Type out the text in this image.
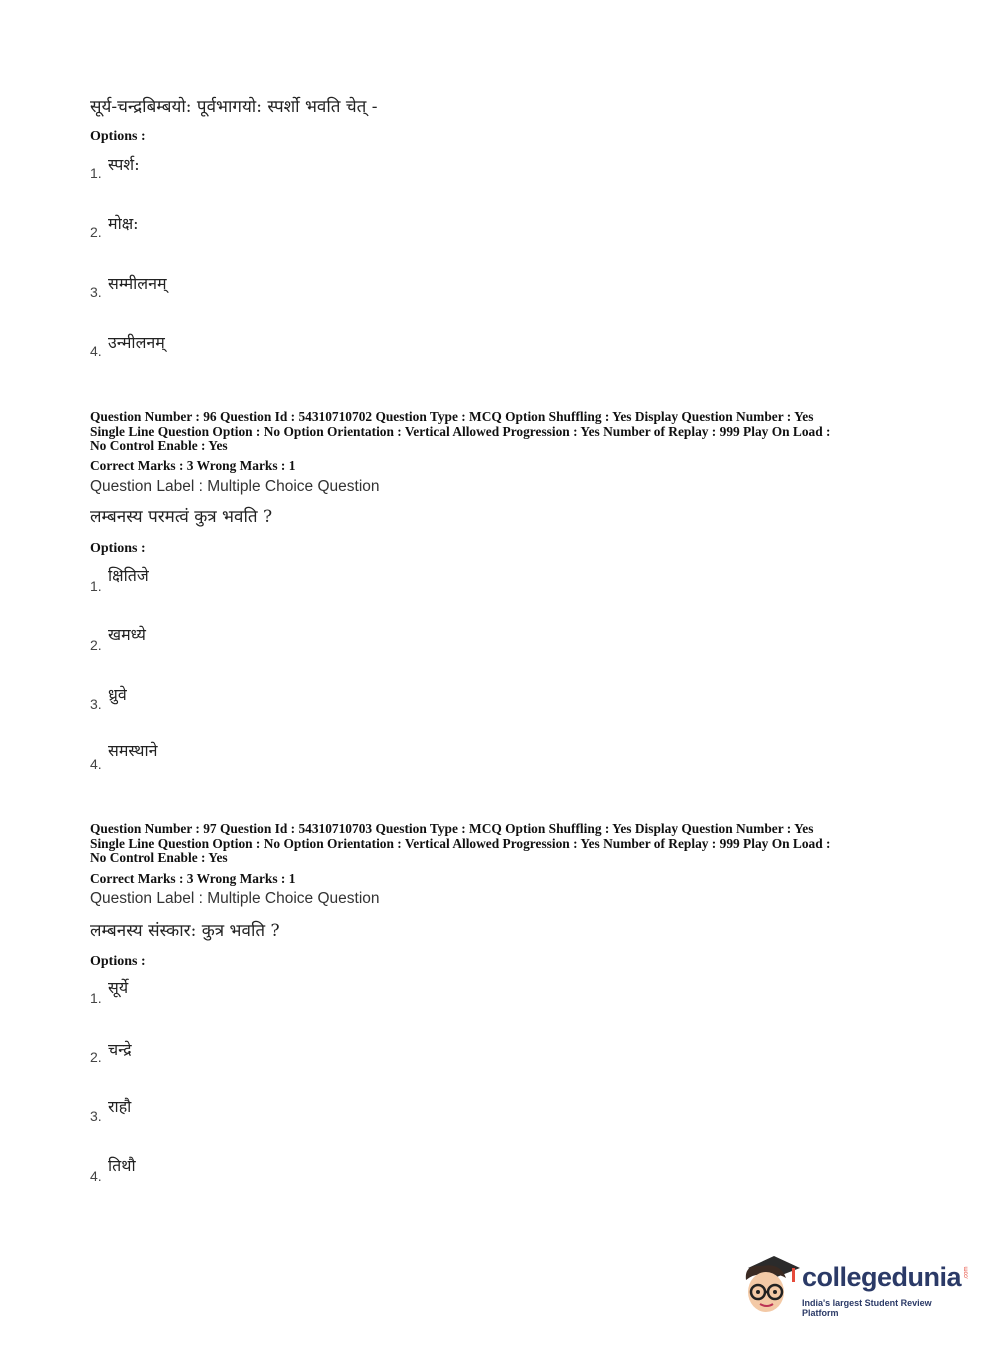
सूर्य-चन्द्रबिम्बयो: पूर्वभागयो: स्पर्शो भवति चेत् -
Options :
1. स्पर्श:
2. मोक्ष:
3. सम्मीलनम्
4. उन्मीलनम्
Question Number : 96 Question Id : 54310710702 Question Type : MCQ Option Shuffling : Yes Display Question Number : Yes
Single Line Question Option : No Option Orientation : Vertical Allowed Progression : Yes Number of Replay : 999 Play On Load :
No Control Enable : Yes
Correct Marks : 3 Wrong Marks : 1
Question Label : Multiple Choice Question
लम्बनस्य परमत्वं कुत्र भवति ?
Options :
1.
क्षितिजे
2.
खमध्ये
3. ध्रुवे
4.
समस्थाने
Question Number : 97 Question Id : 54310710703 Question Type : MCQ Option Shuffling : Yes Display Question Number : Yes
Single Line Question Option : No Option Orientation : Vertical Allowed Progression : Yes Number of Replay : 999 Play On Load :
No Control Enable : Yes
Correct Marks : 3 Wrong Marks : 1
Question Label : Multiple Choice Question
लम्बनस्य संस्कार: कुत्र भवति ?
Options :
1.
सूर्ये
2. चन्द्रे
3. राहौ
4.
तिथौ
collegedunia .com
India's largest Student Review Platform
